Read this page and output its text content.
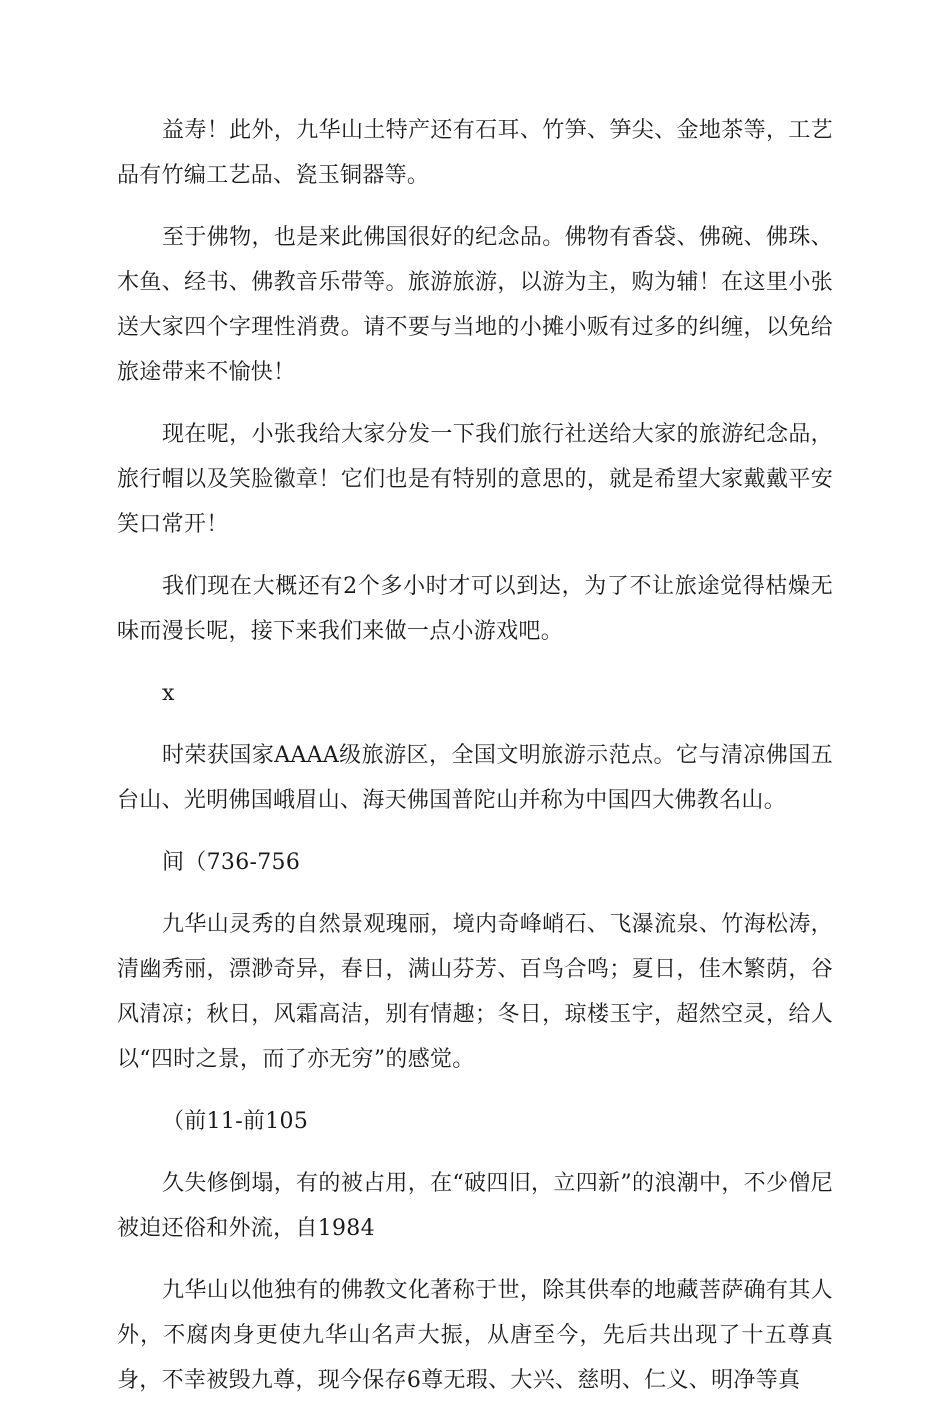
益寿！此外，九华山土特产还有石耳、竹笋、笋尖、金地茶等，工艺品有竹编工艺品、瓷玉铜器等。

至于佛物，也是来此佛国很好的纪念品。佛物有香袋、佛碗、佛珠、木鱼、经书、佛教音乐带等。旅游旅游，以游为主，购为辅！在这里小张送大家四个字理性消费。请不要与当地的小摊小贩有过多的纠缠，以免给旅途带来不愉快！

现在呢，小张我给大家分发一下我们旅行社送给大家的旅游纪念品，旅行帽以及笑脸徽章！它们也是有特别的意思的，就是希望大家戴戴平安笑口常开！

我们现在大概还有2个多小时才可以到达，为了不让旅途觉得枯燥无味而漫长呢，接下来我们来做一点小游戏吧。

x

时荣获国家AAAA级旅游区，全国文明旅游示范点。它与清凉佛国五台山、光明佛国峨眉山、海天佛国普陀山并称为中国四大佛教名山。

间（736-756

九华山灵秀的自然景观瑰丽，境内奇峰峭石、飞瀑流泉、竹海松涛，清幽秀丽，漂渺奇异，春日，满山芬芳、百鸟合鸣；夏日，佳木繁荫，谷风清凉；秋日，风霜高洁，别有情趣；冬日，琼楼玉宇，超然空灵，给人以“四时之景，而了亦无穷”的感觉。

（前11-前105

久失修倒塌，有的被占用，在“破四旧，立四新”的浪潮中，不少僧尼被迫还俗和外流，自1984

九华山以他独有的佛教文化著称于世，除其供奉的地藏菩萨确有其人外，不腐肉身更使九华山名声大振，从唐至今，先后共出现了十五尊真身，不幸被毁九尊，现今保存6尊无瑕、大兴、慈明、仁义、明净等真
